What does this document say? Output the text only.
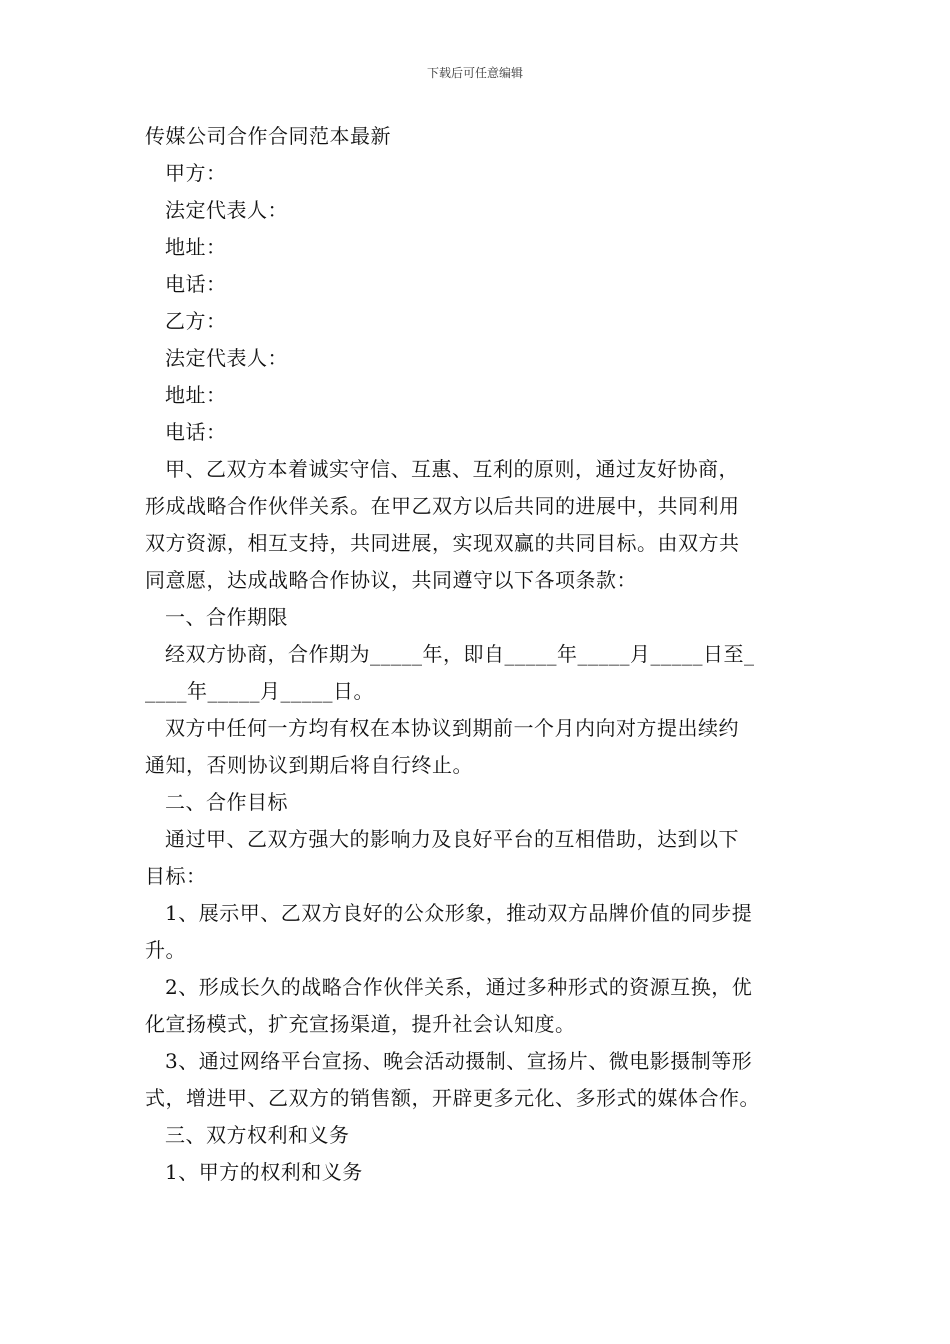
下载后可任意编辑
传媒公司合作合同范本最新
甲方：
法定代表人：
地址：
电话：
乙方：
法定代表人：
地址：
电话：
甲、乙双方本着诚实守信、互惠、互利的原则，通过友好协商，
形成战略合作伙伴关系。在甲乙双方以后共同的进展中，共同利用
双方资源，相互支持，共同进展，实现双赢的共同目标。由双方共
同意愿，达成战略合作协议，共同遵守以下各项条款：
一、合作期限
经双方协商，合作期为_____年，即自_____年_____月_____日至_
____年_____月_____日。
双方中任何一方均有权在本协议到期前一个月内向对方提出续约
通知，否则协议到期后将自行终止。
二、合作目标
通过甲、乙双方强大的影响力及良好平台的互相借助，达到以下
目标：
1、展示甲、乙双方良好的公众形象，推动双方品牌价值的同步提
升。
2、形成长久的战略合作伙伴关系，通过多种形式的资源互换，优
化宣扬模式，扩充宣扬渠道，提升社会认知度。
3、通过网络平台宣扬、晚会活动摄制、宣扬片、微电影摄制等形
式，增进甲、乙双方的销售额，开辟更多元化、多形式的媒体合作。
三、双方权利和义务
1、甲方的权利和义务
